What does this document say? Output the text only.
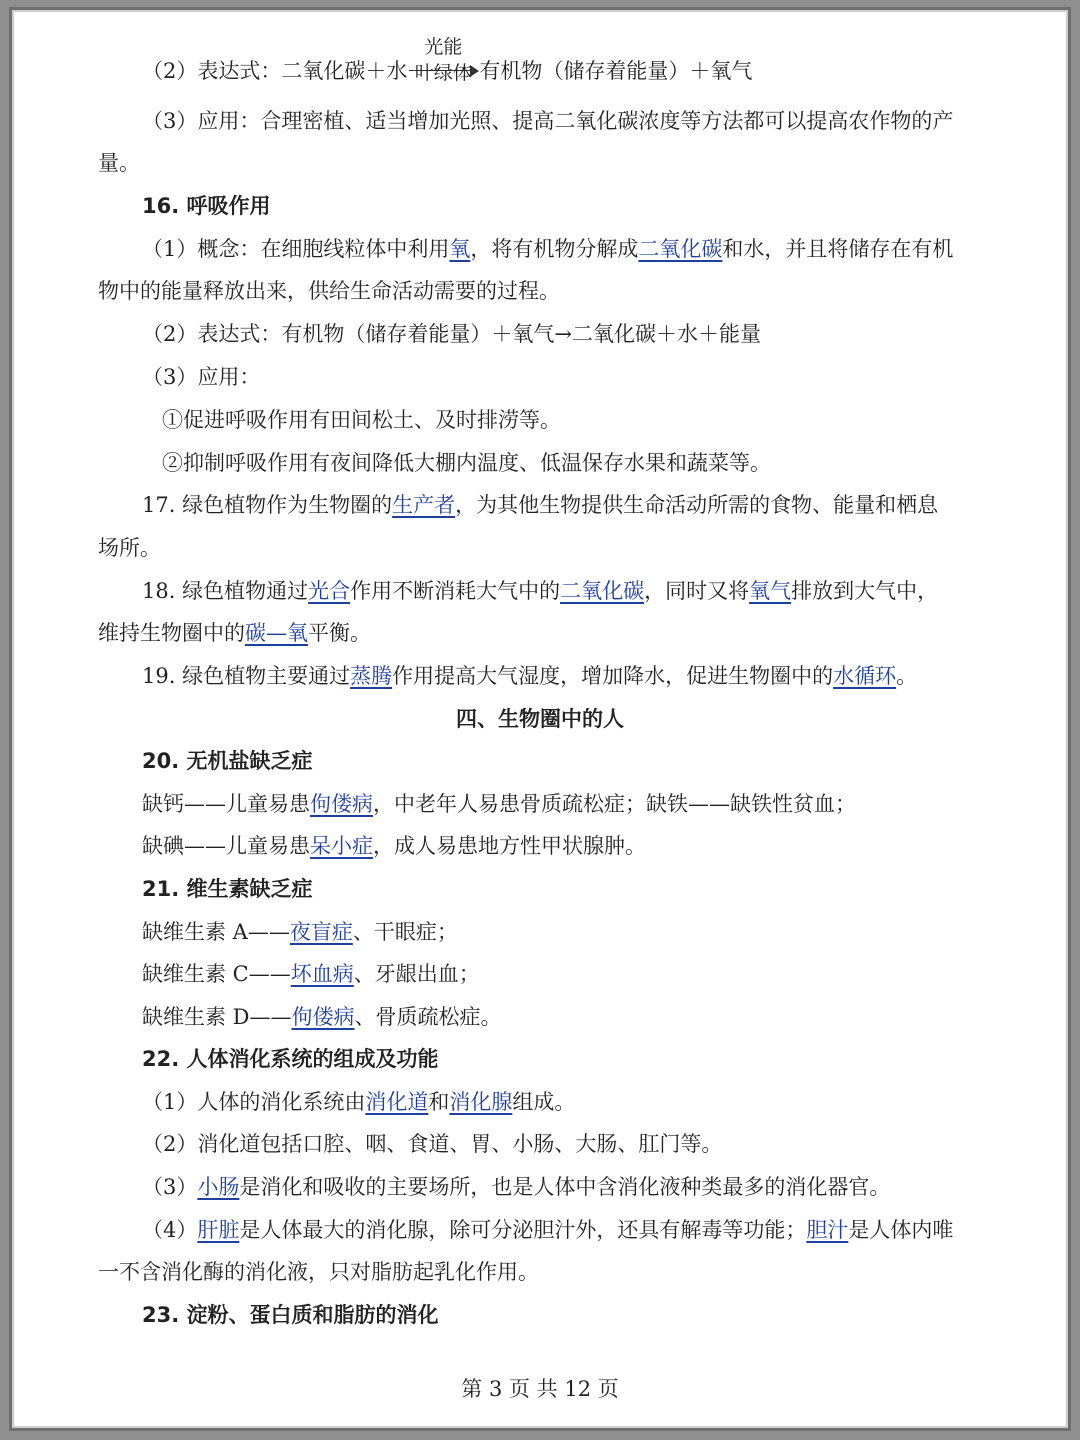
（2）表达式：二氧化碳＋水
光能
叶绿体 有机物（储存着能量）＋氧气
（3）应用：合理密植、适当增加光照、提高二氧化碳浓度等方法都可以提高农作物的产
量。
16. 呼吸作用
（1）概念：在细胞线粒体中利用氧，将有机物分解成二氧化碳和水，并且将储存在有机
物中的能量释放出来，供给生命活动需要的过程。
（2）表达式：有机物（储存着能量）＋氧气→二氧化碳＋水＋能量
（3）应用：
①促进呼吸作用有田间松土、及时排涝等。
②抑制呼吸作用有夜间降低大棚内温度、低温保存水果和蔬菜等。
17. 绿色植物作为生物圈的生产者，为其他生物提供生命活动所需的食物、能量和栖息
场所。
18. 绿色植物通过光合作用不断消耗大气中的二氧化碳，同时又将氧气排放到大气中，
维持生物圈中的碳—氧平衡。
19. 绿色植物主要通过蒸腾作用提高大气湿度，增加降水，促进生物圈中的水循环。
四、生物圈中的人
20. 无机盐缺乏症
缺钙——儿童易患佝偻病，中老年人易患骨质疏松症；缺铁——缺铁性贫血；
缺碘——儿童易患呆小症，成人易患地方性甲状腺肿。
21. 维生素缺乏症
缺维生素 A——夜盲症、干眼症；
缺维生素 C——坏血病、牙龈出血；
缺维生素 D——佝偻病、骨质疏松症。
22. 人体消化系统的组成及功能
（1）人体的消化系统由消化道和消化腺组成。
（2）消化道包括口腔、咽、食道、胃、小肠、大肠、肛门等。
（3）小肠是消化和吸收的主要场所，也是人体中含消化液种类最多的消化器官。
（4）肝脏是人体最大的消化腺，除可分泌胆汁外，还具有解毒等功能；胆汁是人体内唯
一不含消化酶的消化液，只对脂肪起乳化作用。
23. 淀粉、蛋白质和脂肪的消化
第 3 页 共 12 页
